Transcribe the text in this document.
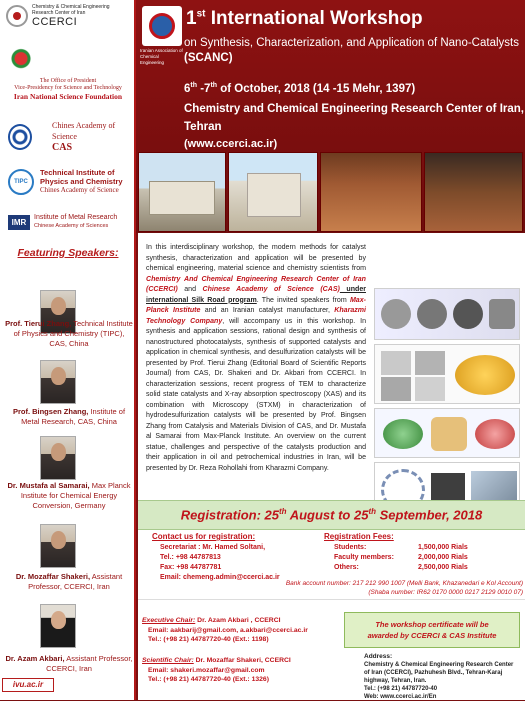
Chemistry & Chemical Engineering
Research Center of Iran
CCERCI
The Office of President
Vice-Presidency for Science and Technology
Iran National Science Foundation
Chines Academy of Science
CAS
TIPC
Technical Institute of
Physics and Chemistry
Chines Academy of Science
IMR	Institute of Metal Research
Chinese Academy of Sciences
Featuring Speakers:
Prof. Tierui Zhang, Technical Institute of Physics and Chemistry (TIPC), CAS, China
Prof. Bingsen Zhang, Institute of Metal Research, CAS, China
Dr. Mustafa al Samarai, Max Planck Institute for Chemical Energy Conversion, Germany
Dr. Mozaffar Shakeri, Assistant Professor, CCERCI, Iran
Dr. Azam Akbari, Assistant Professor, CCERCI, Iran
ivu.ac.ir
Iranian Association of
Chemical Engineering
1st International Workshop
on Synthesis, Characterization, and Application of Nano-Catalysts (SCANC)
6th -7th of October, 2018 (14 -15 Mehr, 1397)
Chemistry and Chemical Engineering Research Center of Iran, Tehran
(www.ccerci.ac.ir)
In this interdisciplinary workshop, the modern methods for catalyst synthesis, characterization and application will be presented by chemical engineering, material science and chemistry scientists from Chemistry And Chemical Engineering Research Center of Iran (CCERCI) and Chinese Academy of Science (CAS) under international Silk Road program. The invited speakers from Max-Planck Institute and an Iranian catalyst manufacturer, Kharazmi Technology Company, will accompany us in this workshop. In synthesis and application sessions, rational design and synthesis of nanostructured photocatalysts, synthesis of supported catalysts and application in chemical synthesis, and desulfurization catalysts will be presented by Prof. Tierui Zhang (Editorial Board of Scientific Reports Journal) from CAS, Dr. Shakeri and Dr. Akbari from CCERCI. In characterization sessions, recent progress of TEM to characterize solid state catalysts and X-ray absorption spectroscopy (XAS) and its combination with Microscopy (STXM) in characterization of hydrodesulfurization catalysts will be presented by Prof. Bingsen Zhang from Catalysis and Materials Division of CAS, and Dr. Mustafa al Samarai from Max-Planck Institute. An overview on the current statue, challenges and perspective of the catalysts production and their application in oil and petrochemical industries in Iran, will be presented by Dr. Reza Rohollahi from Kharazmi Company.
Registration: 25th August to 25th September, 2018
Contact us for registration:
Secretariat : Mr. Hamed Soltani,
Tel.: +98 44787813
Fax: +98 44787781
Email: chemeng.admin@ccerci.ac.ir
Registration Fees:
Students:	1,500,000 Rials
Faculty members:	2,000,000 Rials
Others:	2,500,000 Rials
Bank account number: 217 212 990 1007 (Melli Bank, Khazanedari e Kol Account)
(Shaba number: IR62 0170 0000 0217 2129 0010 07)
Executive Chair: Dr. Azam Akbari , CCERCI
Email: aakbarij@gmail.com, a.akbari@ccerci.ac.ir
Tel.: (+98 21) 44787720-40 (Ext.: 1198)
Scientific Chair: Dr. Mozaffar Shakeri, CCERCI
Email: shakeri.mozaffar@gmail.com
Tel.: (+98 21) 44787720-40 (Ext.: 1326)
The workshop certificate will be
awarded by CCERCI & CAS Institute
Address:
Chemistry & Chemical Engineering Research Center
of Iran (CCERCI), Pazhuhesh Blvd., Tehran-Karaj
highway, Tehran, Iran.
Tel.: (+98 21) 44787720-40
Web: www.ccerci.ac.ir/En
